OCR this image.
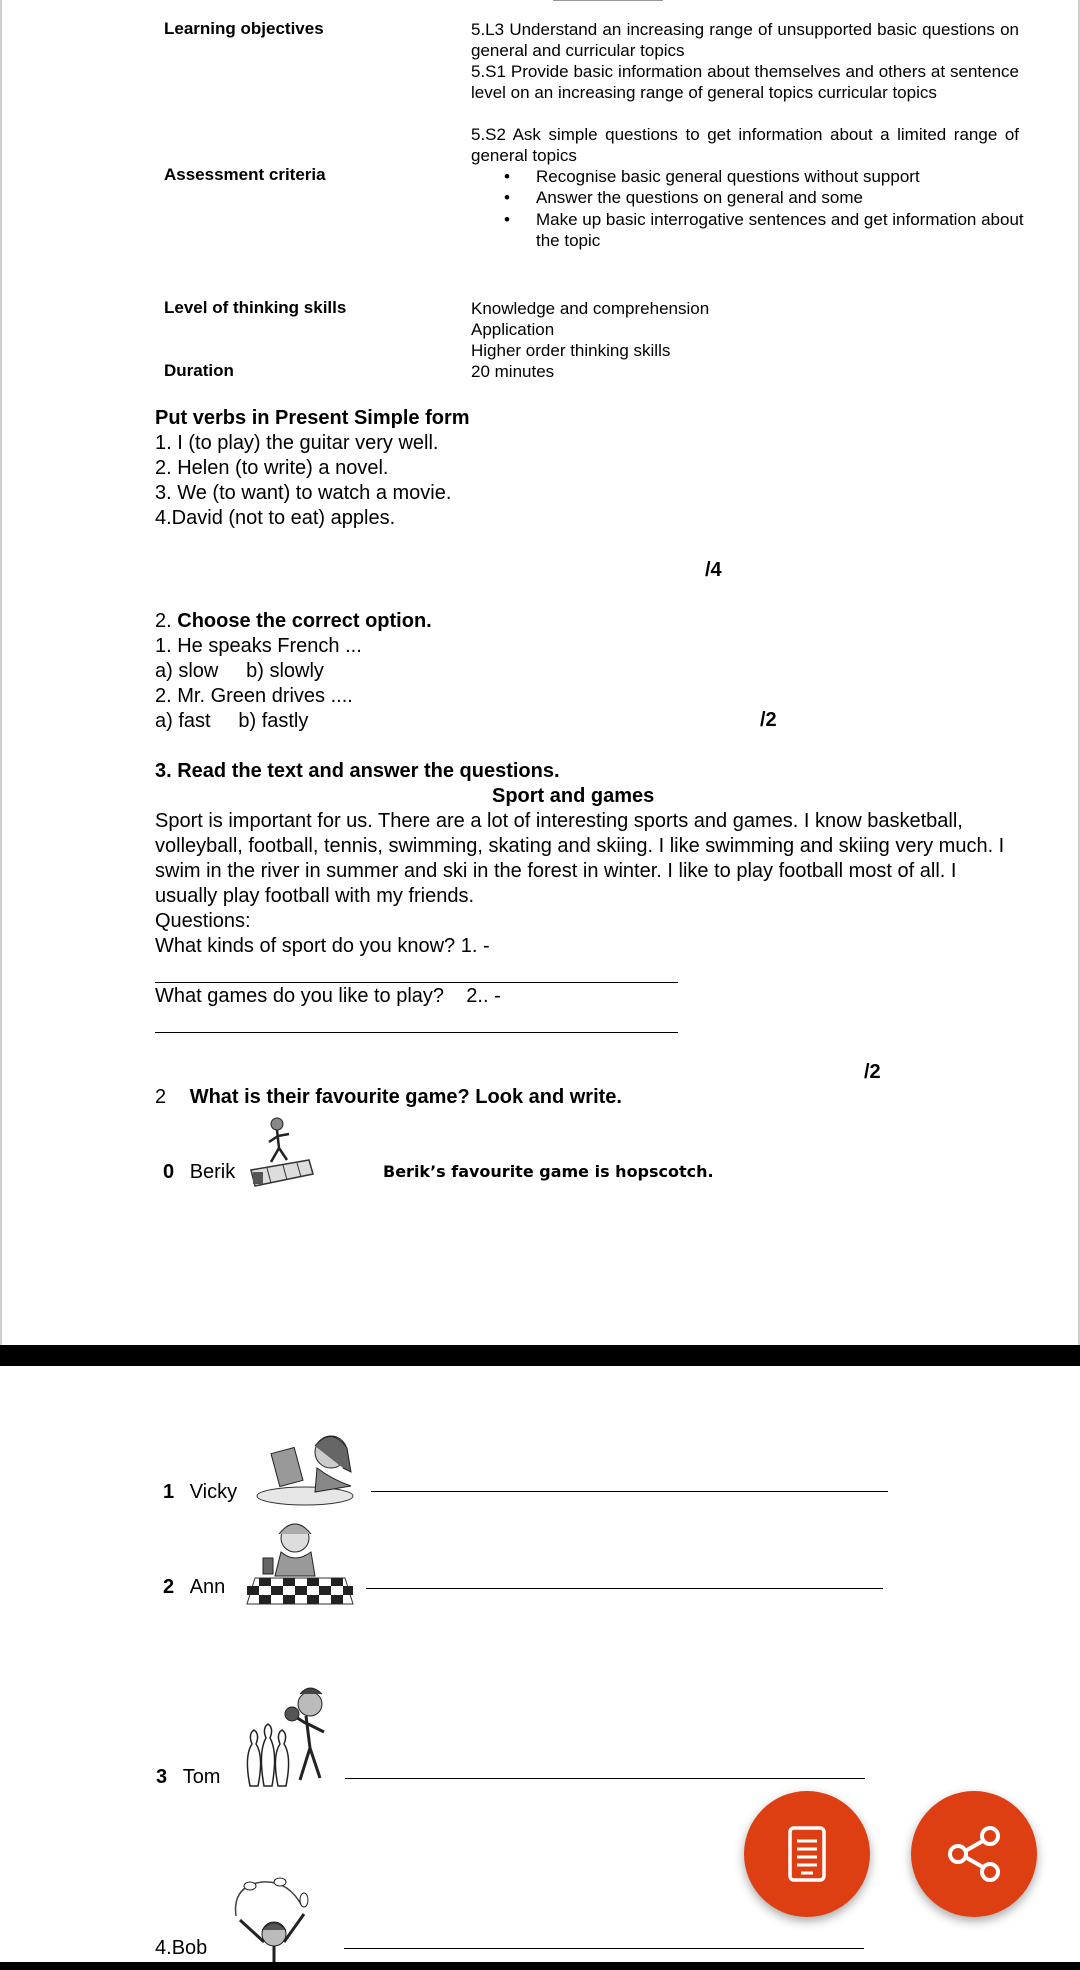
Learning objectives	5.L3 Understand an increasing range of unsupported basic questions on general and curricular topics
5.S1 Provide basic information about themselves and others at sentence level on an increasing range of general topics curricular topics
5.S2 Ask simple questions to get information about a limited range of general topics
Assessment criteria	• Recognise basic general questions without support
• Answer the questions on general and some
• Make up basic interrogative sentences and get information about the topic
Level of thinking skills	Knowledge and comprehension
Application
Higher order thinking skills
Duration	20 minutes
Put verbs in Present Simple form
1. I (to play) the guitar very well.
2. Helen (to write) a novel.
3. We (to want) to watch a movie.
4.David (not to eat) apples.
/4
2. Choose the correct option.
1. He speaks French ...
a) slow     b) slowly
2. Mr. Green drives ....
a) fast     b) fastly	/2
3. Read the text and answer the questions.
Sport and games
Sport is important for us. There are a lot of interesting sports and games. I know basketball, volleyball, football, tennis, swimming, skating and skiing. I like swimming and skiing very much. I swim in the river in summer and ski in the forest in winter. I like to play football most of all. I usually play football with my friends.
Questions:
What kinds of sport do you know? 1. -
What games do you like to play?    2.. -
/2
2 What is their favourite game? Look and write.
0 Berik	Berik’s favourite game is hopscotch.
1 Vicky
2 Ann
3 Tom
4.Bob
